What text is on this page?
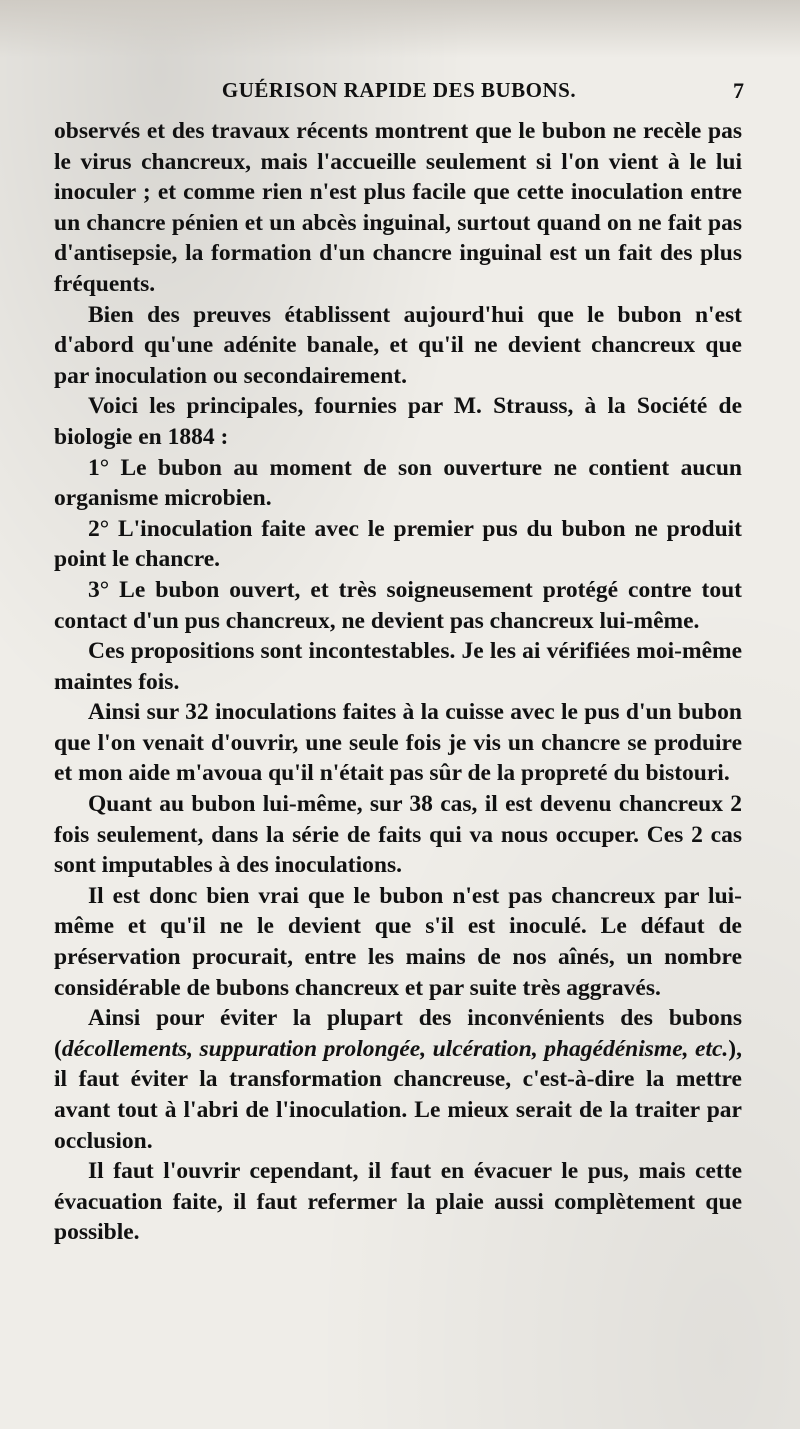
GUÉRISON RAPIDE DES BUBONS.	7

observés et des travaux récents montrent que le bubon ne recèle pas le virus chancreux, mais l'accueille seulement si l'on vient à le lui inoculer ; et comme rien n'est plus facile que cette inoculation entre un chancre pénien et un abcès inguinal, surtout quand on ne fait pas d'antisepsie, la formation d'un chancre inguinal est un fait des plus fréquents.

Bien des preuves établissent aujourd'hui que le bubon n'est d'abord qu'une adénite banale, et qu'il ne devient chancreux que par inoculation ou secondairement.

Voici les principales, fournies par M. Strauss, à la Société de biologie en 1884 :

1° Le bubon au moment de son ouverture ne contient aucun organisme microbien.

2° L'inoculation faite avec le premier pus du bubon ne produit point le chancre.

3° Le bubon ouvert, et très soigneusement protégé contre tout contact d'un pus chancreux, ne devient pas chancreux lui-même.

Ces propositions sont incontestables. Je les ai vérifiées moi-même maintes fois.

Ainsi sur 32 inoculations faites à la cuisse avec le pus d'un bubon que l'on venait d'ouvrir, une seule fois je vis un chancre se produire et mon aide m'avoua qu'il n'était pas sûr de la propreté du bistouri.

Quant au bubon lui-même, sur 38 cas, il est devenu chancreux 2 fois seulement, dans la série de faits qui va nous occuper. Ces 2 cas sont imputables à des inoculations.

Il est donc bien vrai que le bubon n'est pas chancreux par lui-même et qu'il ne le devient que s'il est inoculé. Le défaut de préservation procurait, entre les mains de nos aînés, un nombre considérable de bubons chancreux et par suite très aggravés.

Ainsi pour éviter la plupart des inconvénients des bubons (décollements, suppuration prolongée, ulcération, phagédénisme, etc.), il faut éviter la transformation chancreuse, c'est-à-dire la mettre avant tout à l'abri de l'inoculation. Le mieux serait de la traiter par occlusion.

Il faut l'ouvrir cependant, il faut en évacuer le pus, mais cette évacuation faite, il faut refermer la plaie aussi complètement que possible.
